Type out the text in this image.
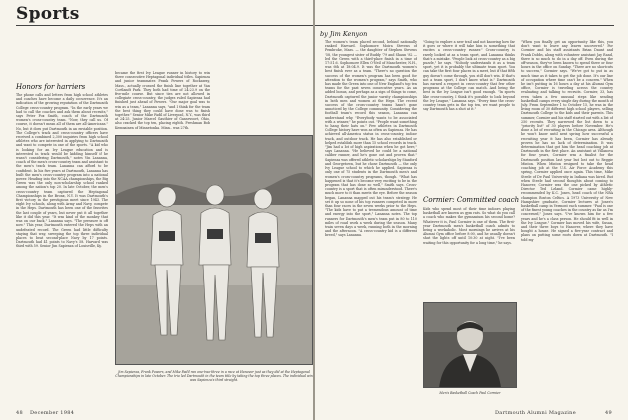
Sports
Honors for harriers
The phone calls and letters from high school athletes and coaches have become a daily occurrence. It's an indication of the growing reputation of the Dartmouth College cross-country program. "In the early years we had to call the coaches and ask them about recruits," says Peter Fox Smith, coach of the Dartmouth women's cross-country team. "Now, they call us. Of course, it doesn't mean all of them are all-Americans." No, but it does put Dartmouth in an enviable position. The College's track and cross-country officers have received a combined 2,300 inquiries from high school athletes who are interested in applying to Dartmouth and want to compete in one of the sports. "A kid who is looking for an Ivy League education and is interested in track would be kidding himself if he wasn't considering Dartmouth," notes Vin Lananna, coach of the men's cross-country team and assistant to the men's track team. Lananna can afford to be confident. In his five years at Dartmouth, Lananna has built the men's cross-country program into a national power. Heading into the NCAA championships, the Big Green was the only non-scholarship school ranked among the nation's top 20. In late October, the men's cross-country team captured the Heptagonal Championships in the Bronx, N.Y. It was Dartmouth's first victory in the prestigious meet since 1943. The eight Ivy schools, along with Army and Navy, compete in the Heps. Dartmouth has been one of the favorites the last couple of years, but never put it all together like it did this year. "It was kind of the monkey that was on our back," Lananna says. "The pressure is off now." This year, Dartmouth entered the Heps with an undefeated record. The Green had little difficulty staying that way, sweeping the top three individual places to beat second-place Navy by 17 points. Dartmouth had 41 points to Navy's 58. Harvard was third with 59. Senior Jim Sapienza of Louisville, Ky.
became the first Ivy League runner in history to win three consecutive Heptagonal individual titles. Sapienza and junior teammates Frank Powers of Rockaway, Mass., actually crossed the finish line together at Van Cortlandt Park. They both had time of 24:23.9 on the five-mile course. But since ties are not allowed in collegiate cross-country, the judges ruled Sapienza had finished just ahead of Powers. "Our major goal was to win as a team," Lananna says, "and I think for the team the best thing they could have done was to finish together." Senior Mike Fadil of Liverpool, N.Y., was third at 24:25. Junior Marcel Gauthier of Gansevoort, Ohio, also cracked the top ten, placing eighth. Freshman Bob Kempainen of Minnetonka, Minn., was 27th.
Jim Sapienza, Frank Powers, and Mike Fadil ran one-two-three in a race at Hanover just as they did at the Heptagonal Championships in late October. The trio led Dartmouth in the team title by taking the top three places. The individual win was Sapienza's third straight.
48 December 1984
by Jim Kenyon
The women's team placed second, behind nationally ranked Harvard. Sophomore Moira Stevens of Pembroke, Mass. — the daughter of Stephen Stevens '58, the youngest sister of Buddy '79 and Shaun '82 — led the Green with a third-place finish in a time of 17:51.6. Sophomore Ellen O'Neil of Manchester, N.H., was 6th at 18:04.9. It was the Dartmouth women's best finish ever as a team. "There's no question the success of the women's program has been good for attention to the women's program," says Smith, who has made the Green into one of New England's top ten teams for the past seven consecutive years. As an added bonus, and perhaps as a sign of things to come, Dartmouth captured the junior varsity championships in both men and women at the Heps. The recent success of the cross-country teams hasn't gone unnoticed by the College community. Considering the football team's record this season, Lananna can understand why. "Everybody wants to be associated with a winner," he points out. "People want something to hang their hats on." Few athletes in Dartmouth College history have won as often as Sapienza. He has achieved all-America status in cross-country, indoor track, and outdoor track. He has also established or helped establish more than 15 school records in track. "Jim had a lot of high aspirations when he got here," says Lananna. "He believed he could be a national caliber runner, and he's gone out and proven that." Sapienza was offered athletic scholarships by Stanford and Georgetown, but he chose Dartmouth — the only Ivy League school to which he applied. Sapienza is only one of 75 students in the Dartmouth men's and women's cross-country programs, though. "What has happened is that it's become very exciting to be in the program that has done so well," Smith says. Cross-country is a sport that is often misunderstood. There's much more to it than meets the eye. Before the season began, Lananna mapped out his team's strategy. He set it up so none of his top runners competed in more than four races in the seven weeks prior to the Heps. "The kids have to put a tremendous amount of time and energy into the sport," Lananna notes. The top runners for Dartmouth's men's team put in 80 to 110 miles of road work a week during the season. Many train seven days a week, running both in the morning and the afternoon. "A cross-country kid is a different breed," says Lananna.
"Going to explore a new trail and not knowing how far it goes or where it will take him is something that excites a cross-country runner." Cross-country is rarely looked at as a team sport, and Lananna thinks that's a mistake. "People look at cross-country as a big puzzle," he says. "Nobody understands it as a team sport, yet it is probably the ultimate team sport. You can take the first four places in a meet, but if that fifth guy doesn't come through, you still don't win. If that's not a team sport, I don't know what is." Dartmouth has earned a respect in cross-country that few other programs at the College can match. And being the best in the Ivy League isn't good enough. "In sports like cross-country, I think it's possible to look beyond the Ivy League," Lananna says. "Every time the cross-country team gets in the top ten, we want people to say Dartmouth has a shot at it."
Cormier: Committed coach
Kids who spend most of their time indoors playing basketball are known as gym rats. So what do you call a coach who makes the gymnasium his second home? Whatever it is, Paul Cormier is one of them. The first-year Dartmouth men's basketball coach admits to being a workaholic. Most mornings he arrives at his Alumni Gym office before 8:00, and he usually doesn't shut the lights off until 10:30 at night. "I've been waiting for this opportunity for a long time," he says.
Men's Basketball Coach Paul Cormier
"When you finally get an opportunity like this, you don't want to leave any leaves uncovered." For Cormier and his staff assistants Brian Daunt and Frank Dobbs, along with volunteer assistant Jay Rand, there is so much to do in a day off. Even during the off-season, they've been known to spend three or four hours in the office on Sunday. "There are no shortcuts to success," Cormier says. "We've got to put in as much time as it takes to get the job done. It's our line of occupation where time can't be a concern." When he isn't putting in 16 hours a day at his Alumni Gym office, Cormier is traveling across the country evaluating and talking to recruits. Cormier, 33, has even taken a few unusual steps like sending basketball camps every single day during the month of July. From September 1 to October 15, he was in the living room of 30 different high school players, selling Dartmouth College to the kids and their parents. This summer, Cormier and his staff started out with a list of 250 recruits. They narrowed the list down to a "priority list" of 30 players before November. He's done a lot of recruiting in the Chicago area. Although he won't know until next spring how successful a recruiting year it has been, Cormier has already proven he has no lack of determination. It was determination that got him the head coaching job at Dartmouth in the first place. An assistant at Villanova for four years, Cormier was a finalist for the Dartmouth position last year but lost out to Reggie Minton. When Minton resigned to take the head coaching job at the U.S. Air Force Academy this spring, Cormier applied once again. This time, Mike Steele of De Paul University in Indiana was hired. But when Steele had second thoughts about coming to Hanover, Cormier was the one picked by Athletic Director Ted Leland. Cormier came highly-recommended by K.C. Jones, head coach of the NBA champion Boston Celtics. A 1973 University of New Hampshire graduate, Cormier lectures at Jones's basketball camp in Vermont each summer. "Paul is one of the finest young coaches in the country as far as I'm concerned," Jones says. "I've known him for a few years and he's a class person. He should fit in well in the Ivy League." Cormier has moved his wife, Susan, and their three boys to Hanover, where they have bought a house. He signed a five-year contract and plans on putting some roots down at Dartmouth. "I told my
Dartmouth Alumni Magazine	49
